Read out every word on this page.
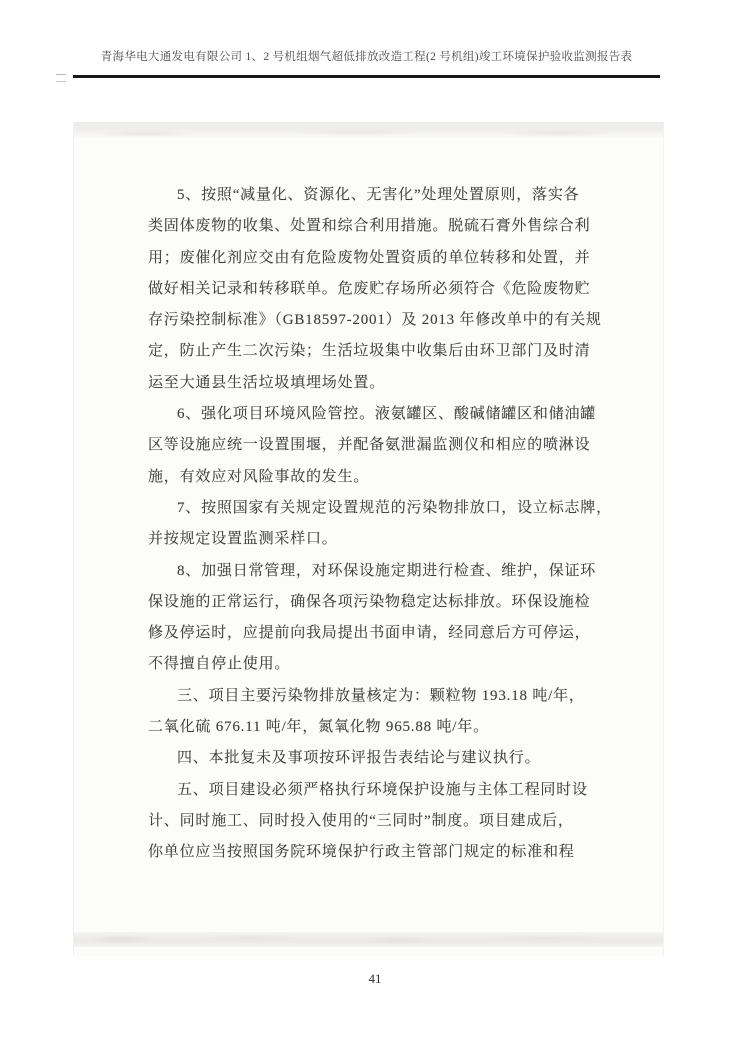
青海华电大通发电有限公司 1、2 号机组烟气超低排放改造工程(2 号机组)竣工环境保护验收监测报告表
5、按照“减量化、资源化、无害化”处理处置原则，落实各
类固体废物的收集、处置和综合利用措施。脱硫石膏外售综合利
用；废催化剂应交由有危险废物处置资质的单位转移和处置，并
做好相关记录和转移联单。危废贮存场所必须符合《危险废物贮
存污染控制标准》（GB18597-2001）及 2013 年修改单中的有关规
定，防止产生二次污染；生活垃圾集中收集后由环卫部门及时清
运至大通县生活垃圾填埋场处置。
6、强化项目环境风险管控。液氨罐区、酸碱储罐区和储油罐
区等设施应统一设置围堰，并配备氨泄漏监测仪和相应的喷淋设
施，有效应对风险事故的发生。
7、按照国家有关规定设置规范的污染物排放口，设立标志牌，
并按规定设置监测采样口。
8、加强日常管理，对环保设施定期进行检查、维护，保证环
保设施的正常运行，确保各项污染物稳定达标排放。环保设施检
修及停运时，应提前向我局提出书面申请，经同意后方可停运，
不得擅自停止使用。
三、项目主要污染物排放量核定为：颗粒物 193.18 吨/年，
二氧化硫 676.11 吨/年，氮氧化物 965.88 吨/年。
四、本批复未及事项按环评报告表结论与建议执行。
五、项目建设必须严格执行环境保护设施与主体工程同时设
计、同时施工、同时投入使用的“三同时”制度。项目建成后，
你单位应当按照国务院环境保护行政主管部门规定的标准和程
41
